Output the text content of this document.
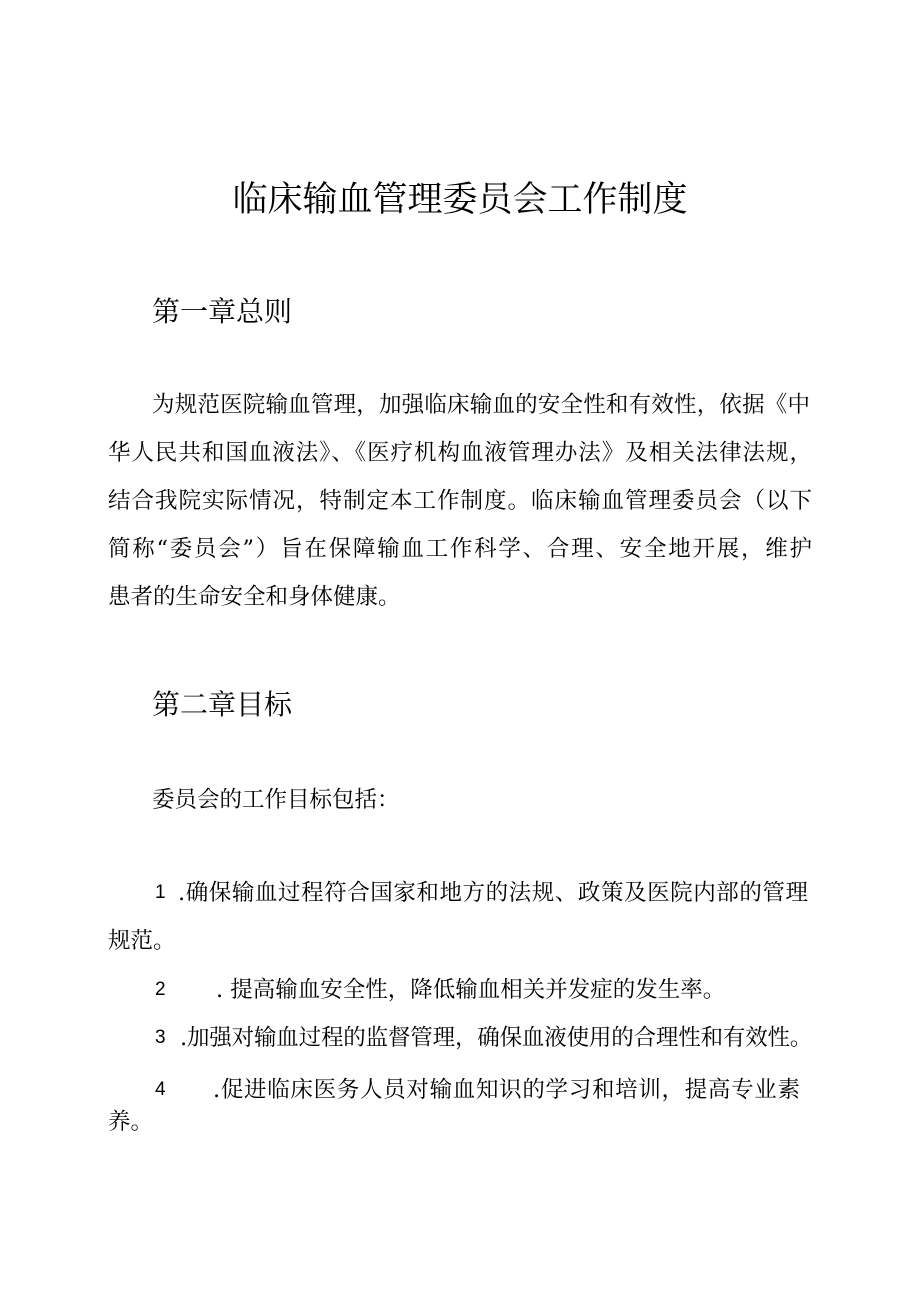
临床输血管理委员会工作制度
第一章总则
为规范医院输血管理，加强临床输血的安全性和有效性，依据《中
华人民共和国血液法》、《医疗机构血液管理办法》及相关法律法规，
结合我院实际情况，特制定本工作制度。临床输血管理委员会（以下
简称“委员会”）旨在保障输血工作科学、合理、安全地开展，维护
患者的生命安全和身体健康。
第二章目标
委员会的工作目标包括：
1 .确保输血过程符合国家和地方的法规、政策及医院内部的管理
规范。
2 . 提高输血安全性，降低输血相关并发症的发生率。
3 .加强对输血过程的监督管理，确保血液使用的合理性和有效性。
4 .促进临床医务人员对输血知识的学习和培训，提高专业素
养。
